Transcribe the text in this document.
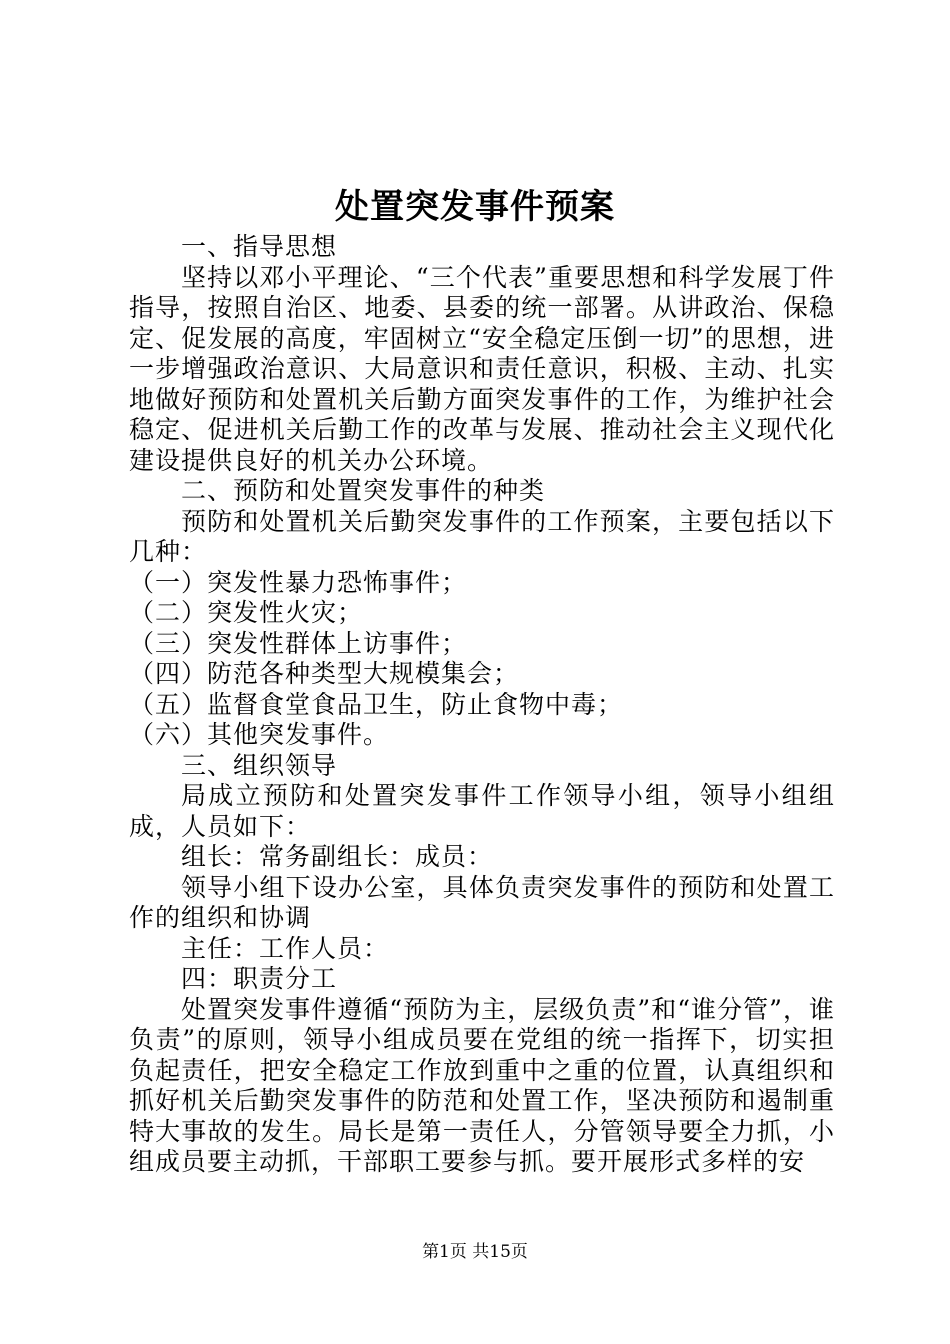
处置突发事件预案

一、指导思想

坚持以邓小平理论、“三个代表”重要思想和科学发展丁件指导，按照自治区、地委、县委的统一部署。从讲政治、保稳定、促发展的高度，牢固树立“安全稳定压倒一切”的思想，进一步增强政治意识、大局意识和责任意识，积极、主动、扎实地做好预防和处置机关后勤方面突发事件的工作，为维护社会稳定、促进机关后勤工作的改革与发展、推动社会主义现代化建设提供良好的机关办公环境。

二、预防和处置突发事件的种类

预防和处置机关后勤突发事件的工作预案，主要包括以下几种：

（一）突发性暴力恐怖事件；

（二）突发性火灾；

（三）突发性群体上访事件；

（四）防范各种类型大规模集会；

（五）监督食堂食品卫生，防止食物中毒；

（六）其他突发事件。

三、组织领导

局成立预防和处置突发事件工作领导小组，领导小组组成，人员如下：

组长：常务副组长：成员：

领导小组下设办公室，具体负责突发事件的预防和处置工作的组织和协调

主任：工作人员：

四：职责分工

处置突发事件遵循“预防为主，层级负责”和“谁分管”，谁负责”的原则，领导小组成员要在党组的统一指挥下，切实担负起责任，把安全稳定工作放到重中之重的位置，认真组织和抓好机关后勤突发事件的防范和处置工作，坚决预防和遏制重特大事故的发生。局长是第一责任人，分管领导要全力抓，小组成员要主动抓，干部职工要参与抓。要开展形式多样的安

第1页 共15页
